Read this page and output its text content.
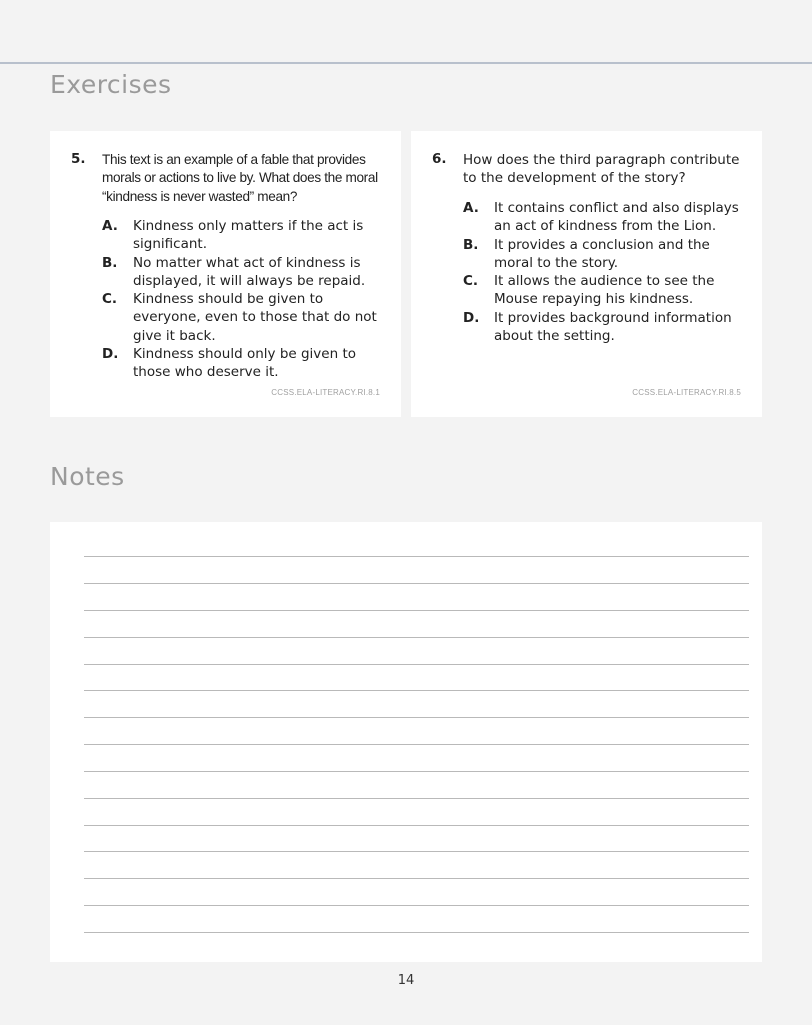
Exercises
5. This text is an example of a fable that provides morals or actions to live by. What does the moral “kindness is never wasted” mean?
A. Kindness only matters if the act is significant.
B. No matter what act of kindness is displayed, it will always be repaid.
C. Kindness should be given to everyone, even to those that do not give it back.
D. Kindness should only be given to those who deserve it.
CCSS.ELA-LITERACY.RI.8.1
6. How does the third paragraph contribute to the development of the story?
A. It contains conflict and also displays an act of kindness from the Lion.
B. It provides a conclusion and the moral to the story.
C. It allows the audience to see the Mouse repaying his kindness.
D. It provides background information about the setting.
CCSS.ELA-LITERACY.RI.8.5
Notes
14
